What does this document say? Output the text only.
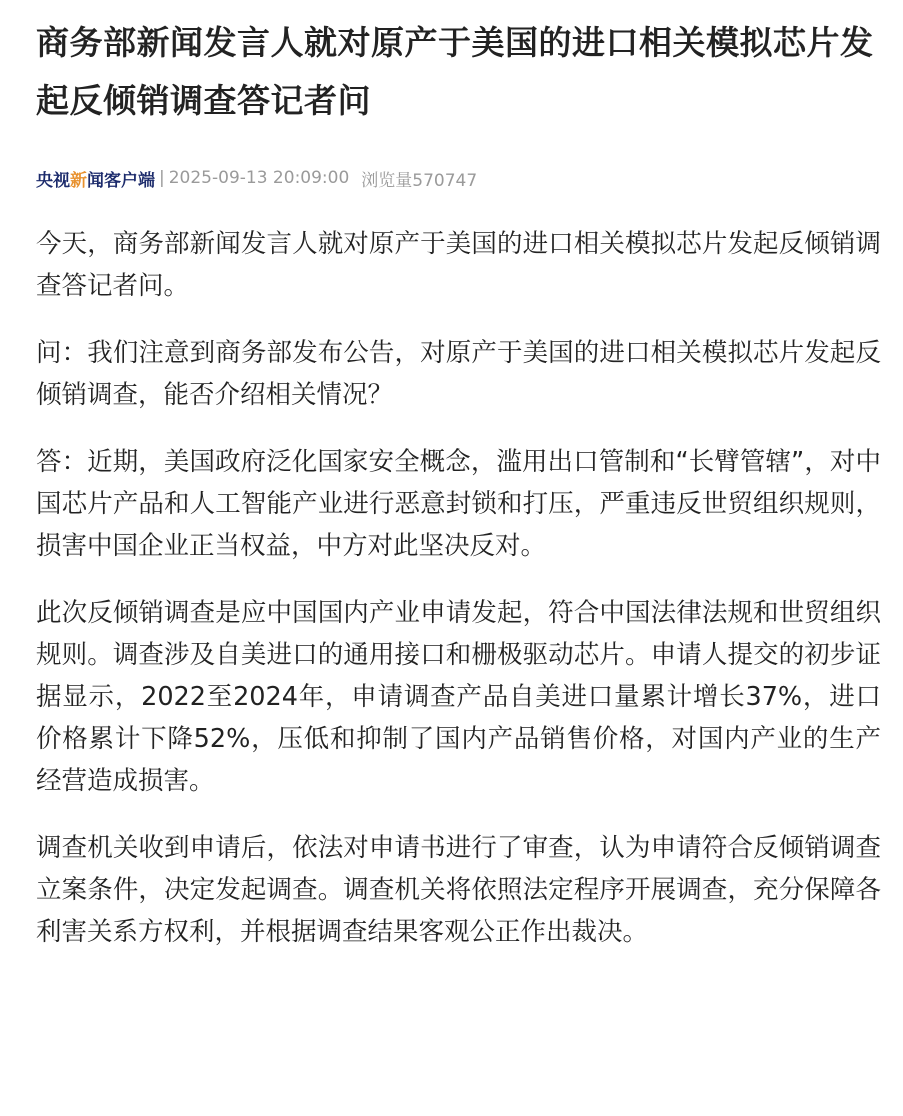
商务部新闻发言人就对原产于美国的进口相关模拟芯片发起反倾销调查答记者问
央视新闻客户端 | 2025-09-13 20:09:00 浏览量570747

今天，商务部新闻发言人就对原产于美国的进口相关模拟芯片发起反倾销调查答记者问。

问：我们注意到商务部发布公告，对原产于美国的进口相关模拟芯片发起反倾销调查，能否介绍相关情况？

答：近期，美国政府泛化国家安全概念，滥用出口管制和“长臂管辖”，对中国芯片产品和人工智能产业进行恶意封锁和打压，严重违反世贸组织规则，损害中国企业正当权益，中方对此坚决反对。

此次反倾销调查是应中国国内产业申请发起，符合中国法律法规和世贸组织规则。调查涉及自美进口的通用接口和栅极驱动芯片。申请人提交的初步证据显示，2022至2024年，申请调查产品自美进口量累计增长37%，进口价格累计下降52%，压低和抑制了国内产品销售价格，对国内产业的生产经营造成损害。

调查机关收到申请后，依法对申请书进行了审查，认为申请符合反倾销调查立案条件，决定发起调查。调查机关将依照法定程序开展调查，充分保障各利害关系方权利，并根据调查结果客观公正作出裁决。
